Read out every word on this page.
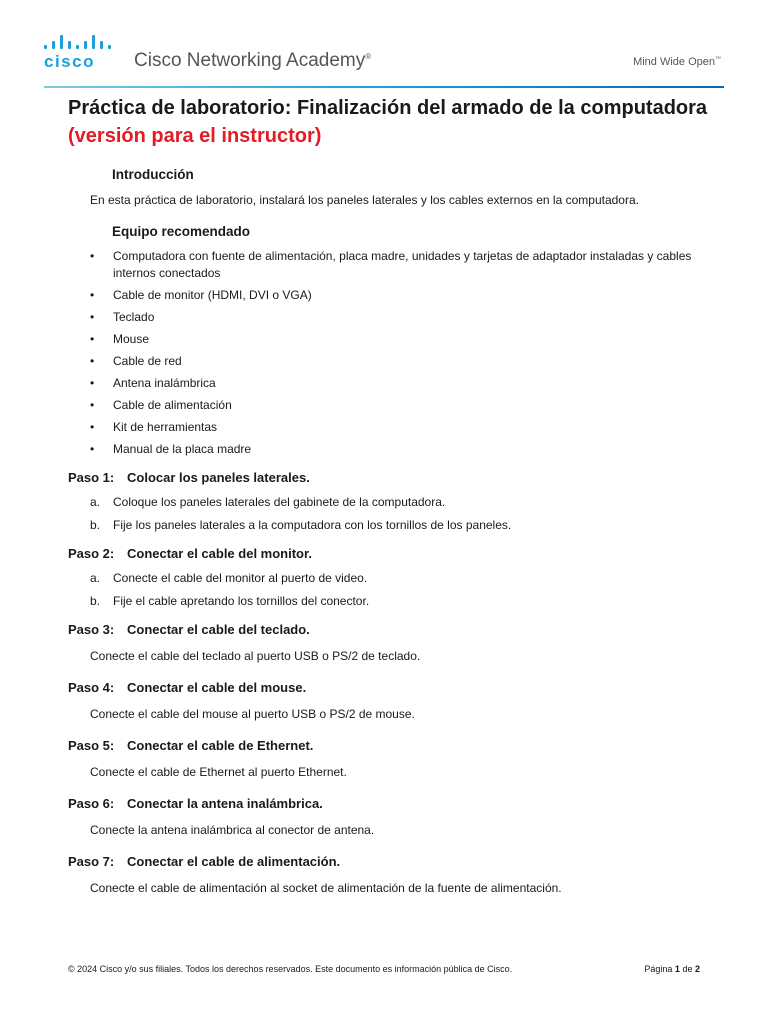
cisco Cisco Networking Academy®	Mind Wide Open™
Práctica de laboratorio: Finalización del armado de la computadora (versión para el instructor)
Introducción

En esta práctica de laboratorio, instalará los paneles laterales y los cables externos en la computadora.

Equipo recomendado
• Computadora con fuente de alimentación, placa madre, unidades y tarjetas de adaptador instaladas y cables internos conectados
• Cable de monitor (HDMI, DVI o VGA)
• Teclado
• Mouse
• Cable de red
• Antena inalámbrica
• Cable de alimentación
• Kit de herramientas
• Manual de la placa madre
Paso 1: Colocar los paneles laterales.
a. Coloque los paneles laterales del gabinete de la computadora.
b. Fije los paneles laterales a la computadora con los tornillos de los paneles.
Paso 2: Conectar el cable del monitor.
a. Conecte el cable del monitor al puerto de video.
b. Fije el cable apretando los tornillos del conector.
Paso 3: Conectar el cable del teclado.

Conecte el cable del teclado al puerto USB o PS/2 de teclado.

Paso 4: Conectar el cable del mouse.

Conecte el cable del mouse al puerto USB o PS/2 de mouse.

Paso 5: Conectar el cable de Ethernet.

Conecte el cable de Ethernet al puerto Ethernet.

Paso 6: Conectar la antena inalámbrica.

Conecte la antena inalámbrica al conector de antena.

Paso 7: Conectar el cable de alimentación.

Conecte el cable de alimentación al socket de alimentación de la fuente de alimentación.

© 2024 Cisco y/o sus filiales. Todos los derechos reservados. Este documento es información pública de Cisco.	Página 1 de 2
